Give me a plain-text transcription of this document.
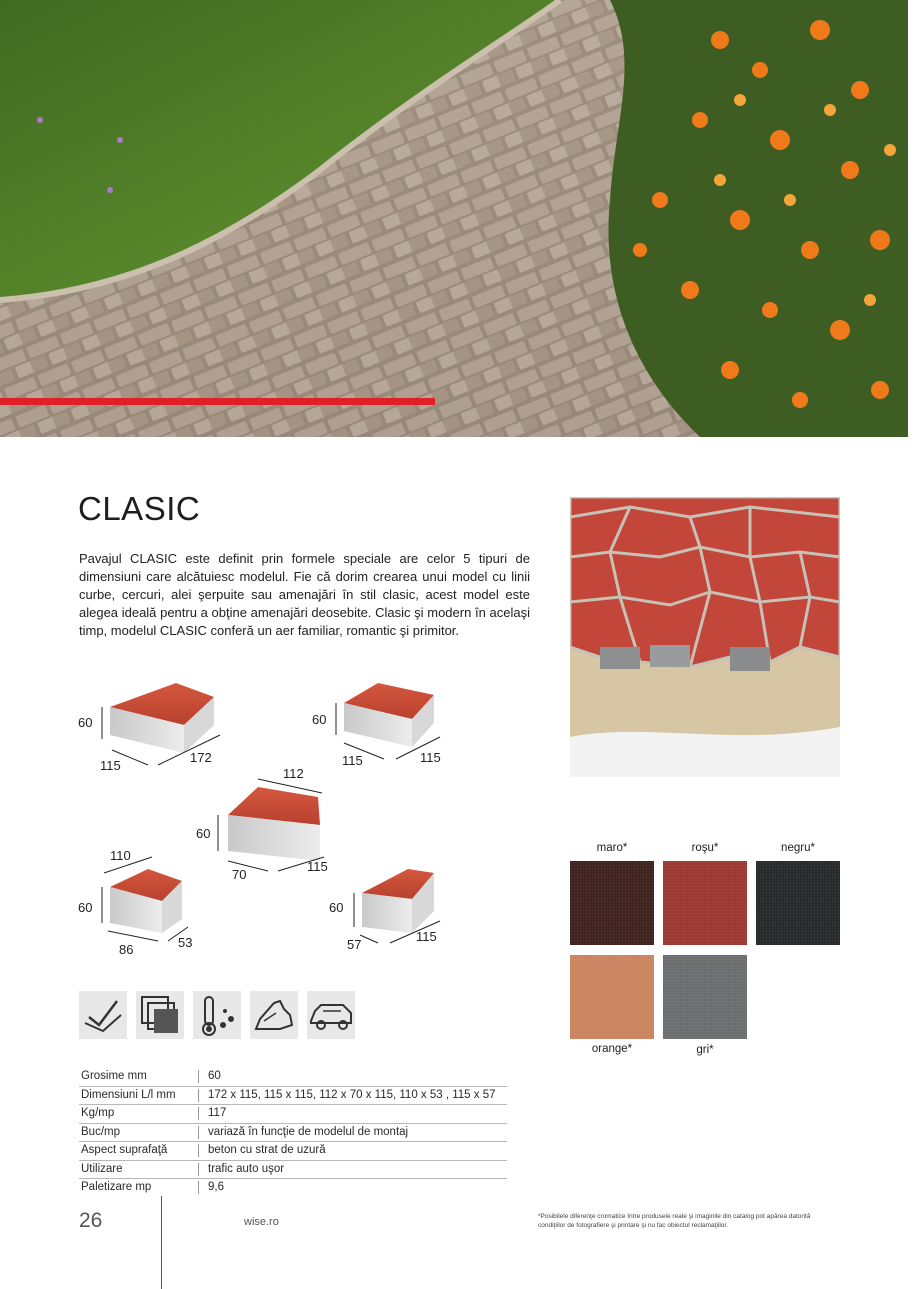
CLASIC
Pavajul CLASIC este definit prin formele speciale are celor 5 tipuri de dimensiuni care alcătuiesc modelul. Fie că dorim crearea unui model cu linii curbe, cercuri, alei şerpuite sau amenajări în stil clasic, acest model este alegea ideală pentru a obţine amenajări deosebite. Clasic şi modern în acelaşi timp, modelul CLASIC conferă un aer familiar, romantic şi primitor.
60
115
172
60
115	115
112
60
70
115
110
60
86	53
60
57
115
Grosime mm	60
Dimensiuni L/l mm	172 x 115, 115 x 115, 112 x 70 x 115, 110 x 53 , 115 x 57
Kg/mp	117
Buc/mp	variază în funcţie de modelul de montaj
Aspect suprafaţă	beton cu strat de uzură
Utilizare	trafic auto uşor
Paletizare mp	9,6
maro*	roşu*	negru*
orange*	gri*
26	wise.ro	*Posibilele diferenţe cromatice între produsele reale şi imaginile din catalog pot apărea datorită condiţiilor de fotografiere şi printare şi nu fac obiectul reclamaţiilor.
